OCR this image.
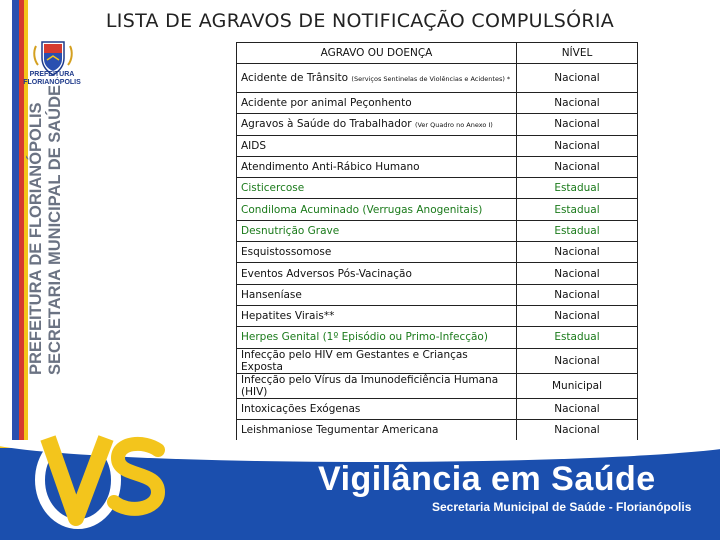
LISTA DE AGRAVOS DE NOTIFICAÇÃO COMPULSÓRIA
PREFEITURA
FLORIANÓPOLIS
PREFEITURA DE FLORIANÓPOLIS SECRETARIA MUNICIPAL DE SAÚDE
AGRAVO OU DOENÇA	NÍVEL
Acidente de Trânsito (Serviços Sentinelas de Violências e Acidentes) *	Nacional
Acidente por animal Peçonhento	Nacional
Agravos à Saúde do Trabalhador (Ver Quadro no Anexo I)	Nacional
AIDS	Nacional
Atendimento Anti-Rábico Humano	Nacional
Cisticercose	Estadual
Condiloma Acuminado (Verrugas Anogenitais)	Estadual
Desnutrição Grave	Estadual
Esquistossomose	Nacional
Eventos Adversos Pós-Vacinação	Nacional
Hanseníase	Nacional
Hepatites Virais**	Nacional
Herpes Genital (1º Episódio ou Primo-Infecção)	Estadual
Infecção pelo HIV em Gestantes e Crianças Exposta	Nacional
Infecção pelo Vírus da Imunodeficiência Humana (HIV)	Municipal
Intoxicações Exógenas	Nacional
Leishmaniose Tegumentar Americana	Nacional
Vigilância em Saúde
Secretaria Municipal de Saúde - Florianópolis
